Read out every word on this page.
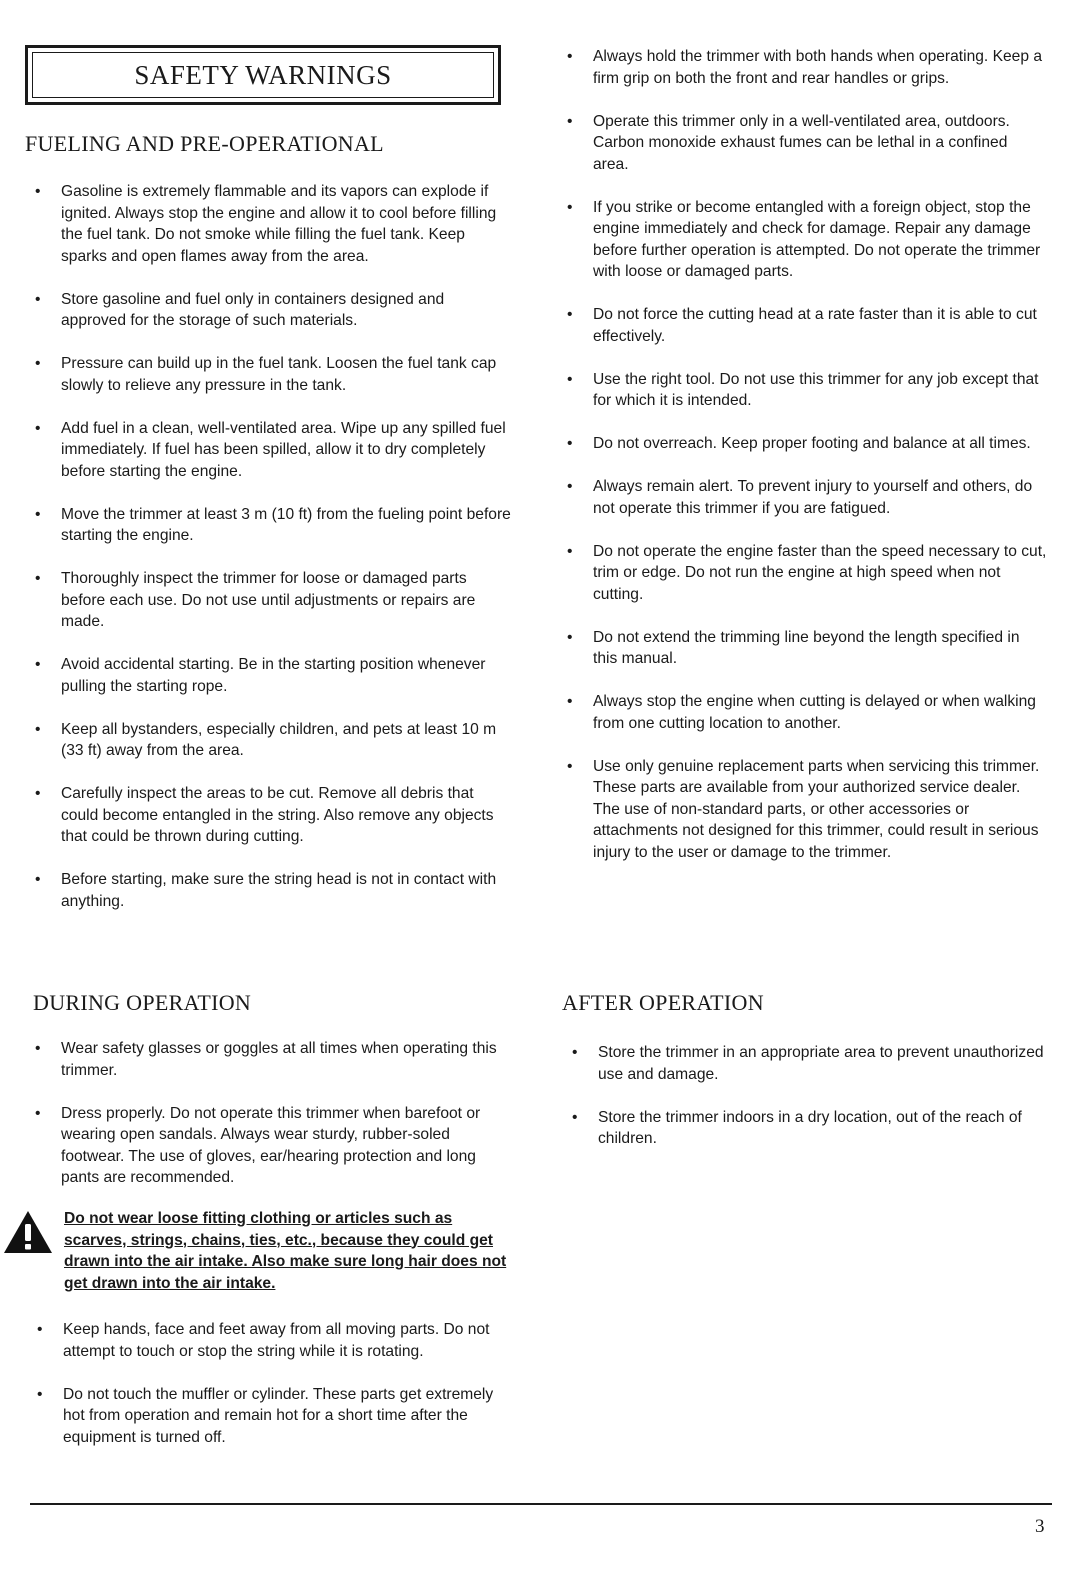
SAFETY WARNINGS
FUELING AND PRE-OPERATIONAL
• Gasoline is extremely flammable and its vapors can explode if ignited. Always stop the engine and allow it to cool before filling the fuel tank. Do not smoke while filling the fuel tank. Keep sparks and open flames away from the area.
• Store gasoline and fuel only in containers designed and approved for the storage of such materials.
• Pressure can build up in the fuel tank. Loosen the fuel tank cap slowly to relieve any pressure in the tank.
• Add fuel in a clean, well-ventilated area. Wipe up any spilled fuel immediately. If fuel has been spilled, allow it to dry completely before starting the engine.
• Move the trimmer at least 3 m (10 ft) from the fueling point before starting the engine.
• Thoroughly inspect the trimmer for loose or damaged parts before each use. Do not use until adjustments or repairs are made.
• Avoid accidental starting. Be in the starting position whenever pulling the starting rope.
• Keep all bystanders, especially children, and pets at least 10 m (33 ft) away from the area.
• Carefully inspect the areas to be cut. Remove all debris that could become entangled in the string. Also remove any objects that could be thrown during cutting.
• Before starting, make sure the string head is not in contact with anything.
DURING OPERATION
• Wear safety glasses or goggles at all times when operating this trimmer.
• Dress properly. Do not operate this trimmer when barefoot or wearing open sandals. Always wear sturdy, rubber-soled footwear. The use of gloves, ear/hearing protection and long pants are recommended.
Do not wear loose fitting clothing or articles such as scarves, strings, chains, ties, etc., because they could get drawn into the air intake. Also make sure long hair does not get drawn into the air intake.
• Keep hands, face and feet away from all moving parts. Do not attempt to touch or stop the string while it is rotating.
• Do not touch the muffler or cylinder. These parts get extremely hot from operation and remain hot for a short time after the equipment is turned off.
• Always hold the trimmer with both hands when operating. Keep a firm grip on both the front and rear handles or grips.
• Operate this trimmer only in a well-ventilated area, outdoors. Carbon monoxide exhaust fumes can be lethal in a confined area.
• If you strike or become entangled with a foreign object, stop the engine immediately and check for damage. Repair any damage before further operation is attempted. Do not operate the trimmer with loose or damaged parts.
• Do not force the cutting head at a rate faster than it is able to cut effectively.
• Use the right tool. Do not use this trimmer for any job except that for which it is intended.
• Do not overreach. Keep proper footing and balance at all times.
• Always remain alert. To prevent injury to yourself and others, do not operate this trimmer if you are fatigued.
• Do not operate the engine faster than the speed necessary to cut, trim or edge. Do not run the engine at high speed when not cutting.
• Do not extend the trimming line beyond the length specified in this manual.
• Always stop the engine when cutting is delayed or when walking from one cutting location to another.
• Use only genuine replacement parts when servicing this trimmer. These parts are available from your authorized service dealer. The use of non-standard parts, or other accessories or attachments not designed for this trimmer, could result in serious injury to the user or damage to the trimmer.
AFTER OPERATION
• Store the trimmer in an appropriate area to prevent unauthorized use and damage.
• Store the trimmer indoors in a dry location, out of the reach of children.
3
